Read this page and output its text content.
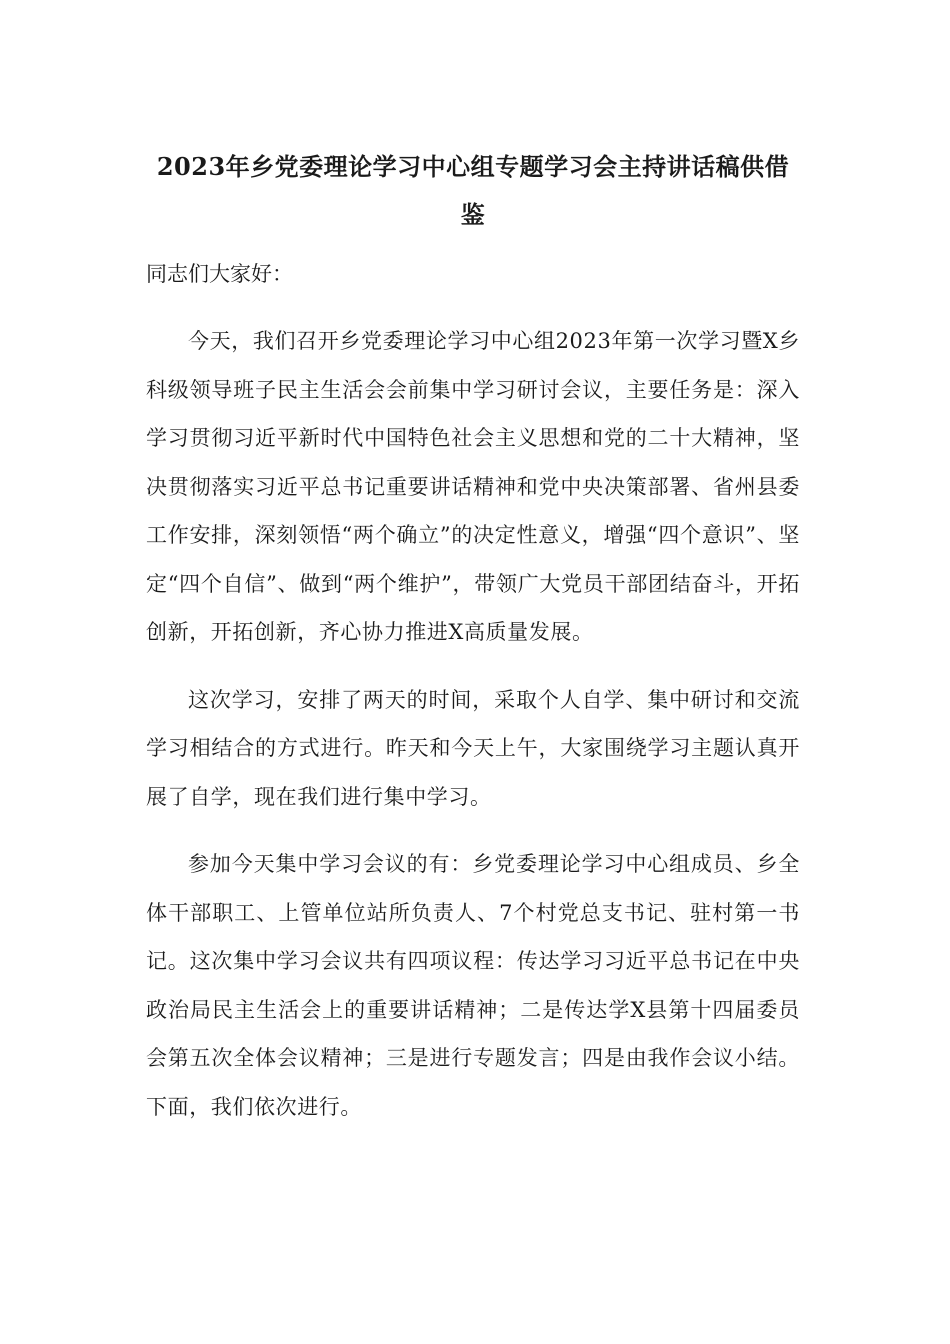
2023年乡党委理论学习中心组专题学习会主持讲话稿供借鉴

同志们大家好：

今天，我们召开乡党委理论学习中心组2023年第一次学习暨X乡科级领导班子民主生活会会前集中学习研讨会议，主要任务是：深入学习贯彻习近平新时代中国特色社会主义思想和党的二十大精神，坚决贯彻落实习近平总书记重要讲话精神和党中央决策部署、省州县委工作安排，深刻领悟“两个确立”的决定性意义，增强“四个意识”、坚定“四个自信”、做到“两个维护”，带领广大党员干部团结奋斗，开拓创新，开拓创新，齐心协力推进X高质量发展。

这次学习，安排了两天的时间，采取个人自学、集中研讨和交流学习相结合的方式进行。昨天和今天上午，大家围绕学习主题认真开展了自学，现在我们进行集中学习。

参加今天集中学习会议的有：乡党委理论学习中心组成员、乡全体干部职工、上管单位站所负责人、7个村党总支书记、驻村第一书记。这次集中学习会议共有四项议程：传达学习习近平总书记在中央政治局民主生活会上的重要讲话精神；二是传达学X县第十四届委员会第五次全体会议精神；三是进行专题发言；四是由我作会议小结。下面，我们依次进行。
